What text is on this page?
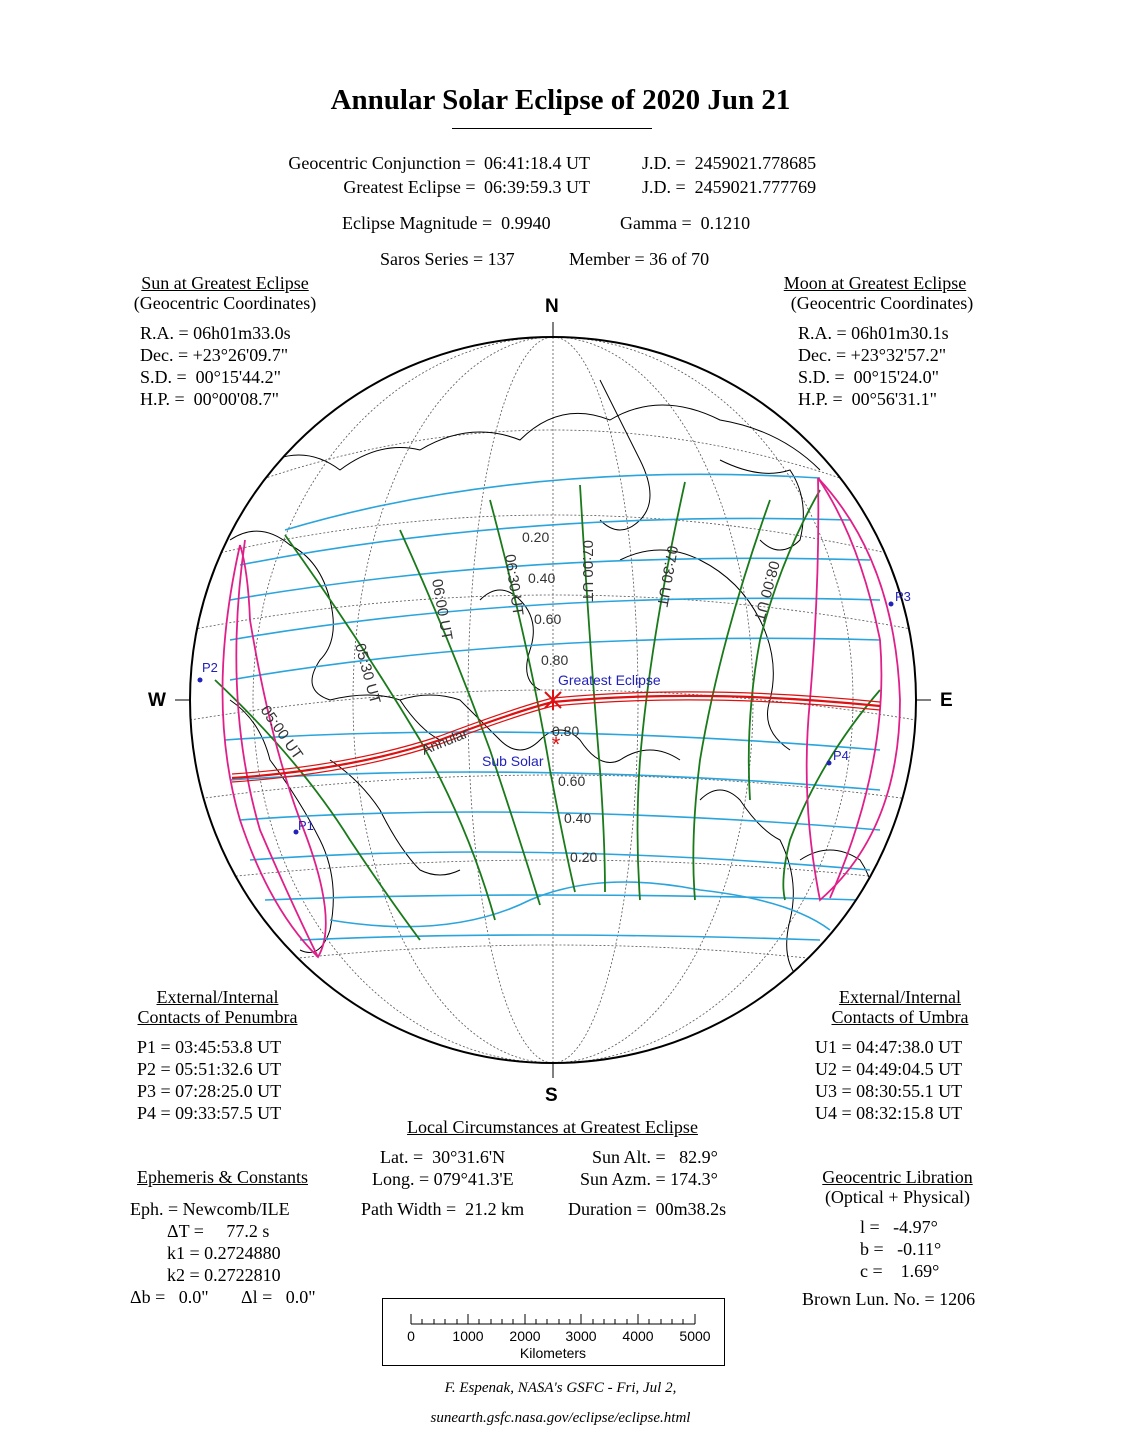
Annular Solar Eclipse of 2020 Jun 21
Geocentric Conjunction = 06:41:18.4 UT	J.D. =  2459021.778685
Greatest Eclipse = 06:39:59.3 UT	J.D. =  2459021.777769
Eclipse Magnitude =  0.9940	Gamma =  0.1210
Saros Series = 137	Member = 36 of 70
Sun at Greatest Eclipse
(Geocentric Coordinates)
R.A. = 06h01m33.0s
Dec. = +23°26'09.7"
S.D. =  00°15'44.2"
H.P. =  00°00'08.7"
Moon at Greatest Eclipse
(Geocentric Coordinates)
R.A. = 06h01m30.1s
Dec. = +23°32'57.2"
S.D. =  00°15'24.0"
H.P. =  00°56'31.1"
N
S
W	E
*
Greatest Eclipse
Sub Solar
P1
P2
P3
P4
Annular
0.20
0.40
0.60
0.80
0.80
0.60
0.40
0.20
05:00 UT
05:30 UT
06:00 UT	06:30 UT	07:00 UT	07:30 UT	08:00 UT
External/Internal
Contacts of Penumbra
P1 = 03:45:53.8 UT
P2 = 05:51:32.6 UT
P3 = 07:28:25.0 UT
P4 = 09:33:57.5 UT
External/Internal
Contacts of Umbra
U1 = 04:47:38.0 UT
U2 = 04:49:04.5 UT
U3 = 08:30:55.1 UT
U4 = 08:32:15.8 UT
Local Circumstances at Greatest Eclipse
Lat. =  30°31.6'N
Long. = 079°41.3'E
Sun Alt. =   82.9°
Sun Azm. = 174.3°
Path Width =  21.2 km Duration =  00m38.2s
Ephemeris & Constants
Eph. = Newcomb/ILE
ΔT =     77.2 s
k1 = 0.2724880
k2 = 0.2722810
Δb =   0.0" Δl =   0.0"
Geocentric Libration
(Optical + Physical)
l =   -4.97°
b =   -0.11°
c =    1.69°
Brown Lun. No. = 1206
0	1000 2000 3000 4000 5000
Kilometers
F. Espenak, NASA's GSFC - Fri, Jul 2,
sunearth.gsfc.nasa.gov/eclipse/eclipse.html
